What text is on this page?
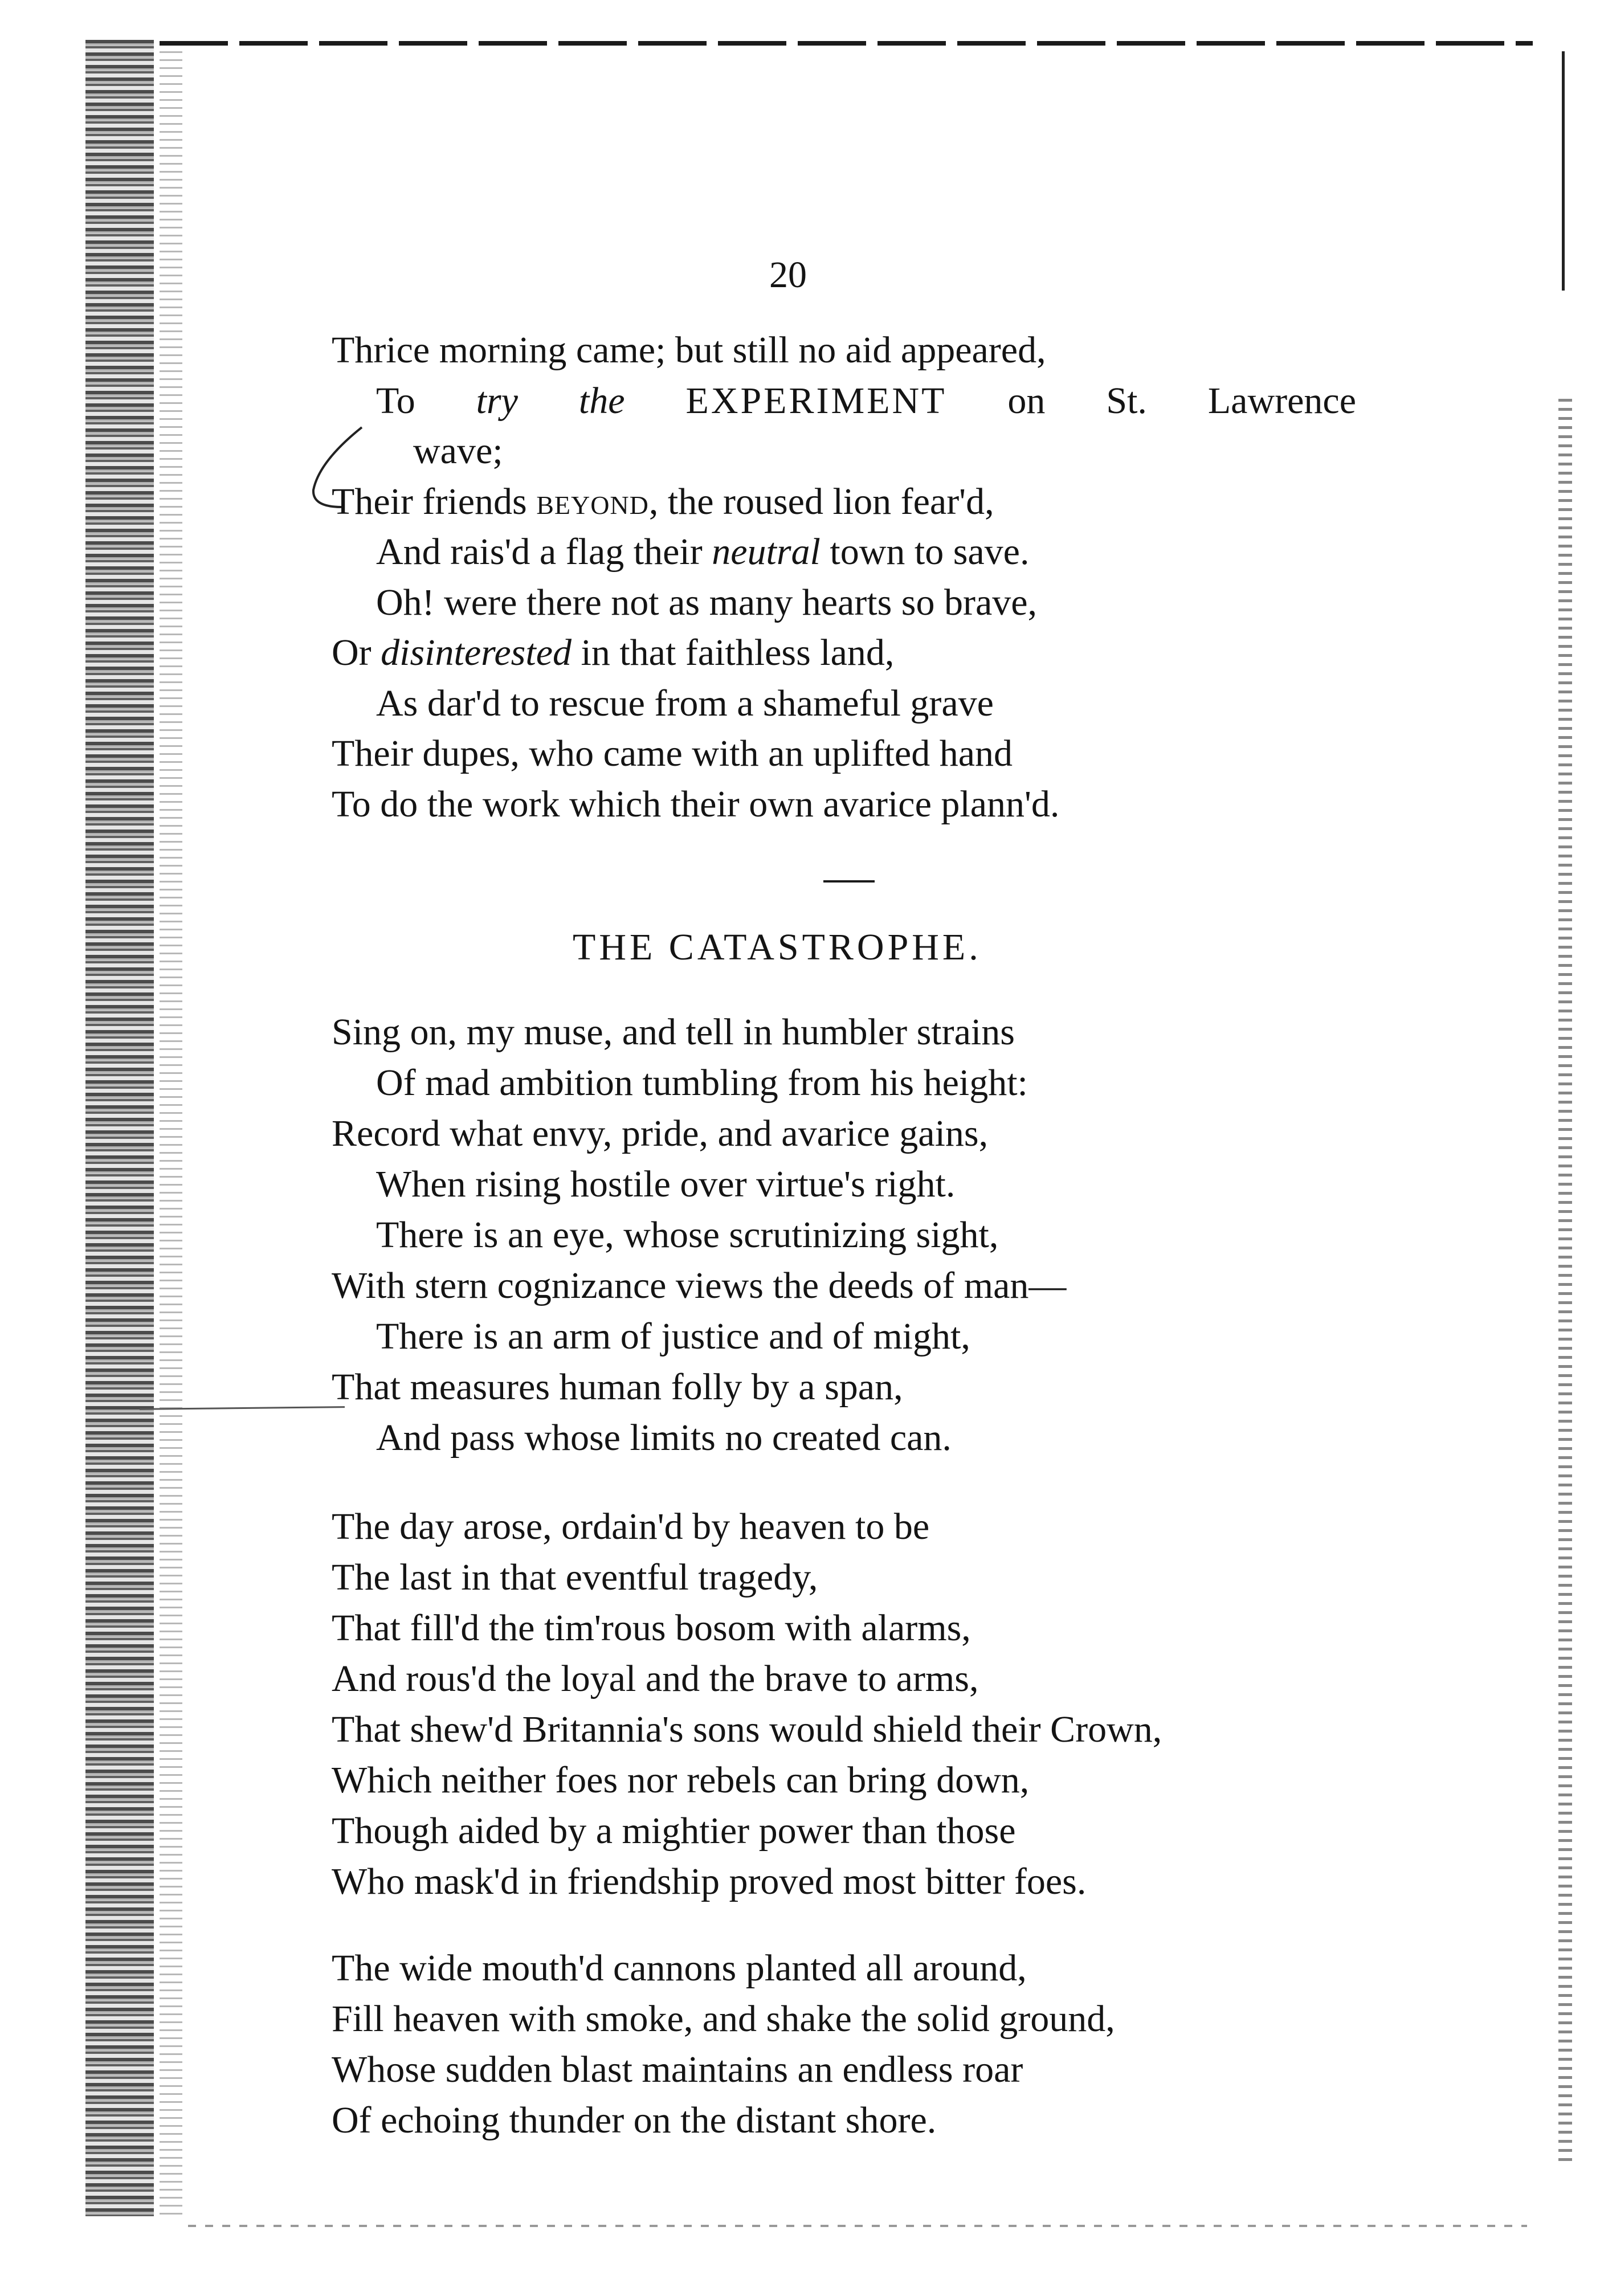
20
Thrice morning came; but still no aid appeared,
To try the EXPERIMENT on St. Lawrence
wave;
Their friends beyond, the roused lion fear'd,
And rais'd a flag their neutral town to save.
Oh! were there not as many hearts so brave,
Or disinterested in that faithless land,
As dar'd to rescue from a shameful grave
Their dupes, who came with an uplifted hand
To do the work which their own avarice plann'd.
THE CATASTROPHE.
Sing on, my muse, and tell in humbler strains
Of mad ambition tumbling from his height:
Record what envy, pride, and avarice gains,
When rising hostile over virtue's right.
There is an eye, whose scrutinizing sight,
With stern cognizance views the deeds of man—
There is an arm of justice and of might,
That measures human folly by a span,
And pass whose limits no created can.
The day arose, ordain'd by heaven to be
The last in that eventful tragedy,
That fill'd the tim'rous bosom with alarms,
And rous'd the loyal and the brave to arms,
That shew'd Britannia's sons would shield their Crown,
Which neither foes nor rebels can bring down,
Though aided by a mightier power than those
Who mask'd in friendship proved most bitter foes.
The wide mouth'd cannons planted all around,
Fill heaven with smoke, and shake the solid ground,
Whose sudden blast maintains an endless roar
Of echoing thunder on the distant shore.
